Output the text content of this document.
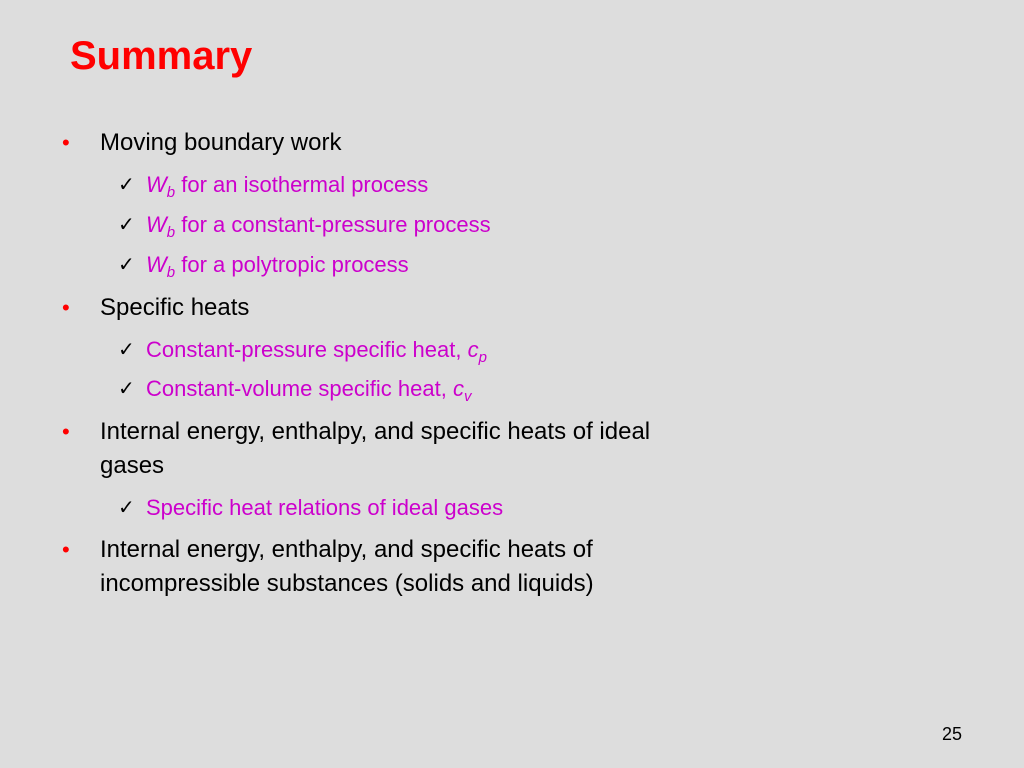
Summary
• Moving boundary work
✓ $W_b$ for an isothermal process
✓ $W_b$ for a constant-pressure process
✓ $W_b$ for a polytropic process
• Specific heats
✓ Constant-pressure specific heat, $c_p$
✓ Constant-volume specific heat, $c_v$
• Internal energy, enthalpy, and specific heats of ideal gases
✓ Specific heat relations of ideal gases
• Internal energy, enthalpy, and specific heats of incompressible substances (solids and liquids)
25
